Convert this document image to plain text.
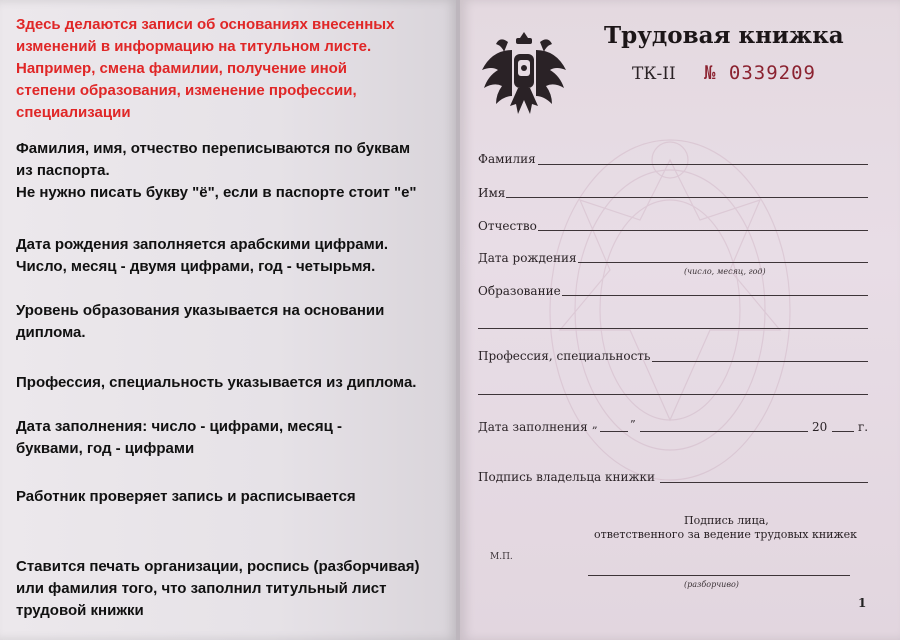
Здесь делаются записи об основаниях внесенных
изменений в информацию на титульном листе.
Например, смена фамилии, получение иной
степени образования, изменение профессии,
специализации
Фамилия, имя, отчество переписываются по буквам
из паспорта.
Не нужно писать букву "ё", если в паспорте стоит "е"
Дата рождения заполняется арабскими цифрами.
Число, месяц - двумя цифрами, год - четырьмя.
Уровень образования указывается на основании
диплома.
Профессия, специальность указывается из диплома.
Дата заполнения: число - цифрами, месяц -
буквами, год - цифрами
Работник проверяет запись и расписывается
Ставится печать организации, роспись (разборчивая)
или фамилия того, что заполнил титульный лист
трудовой книжки
Трудовая книжка
ТК-II № 0339209
Фамилия
Имя
Отчество
Дата рождения
(число, месяц, год)
Образование
Профессия, специальность
Дата заполнения „	”	20	г.
Подпись владельца книжки
Подпись лица,
ответственного за ведение трудовых книжек
М.П.
(разборчиво)
1
